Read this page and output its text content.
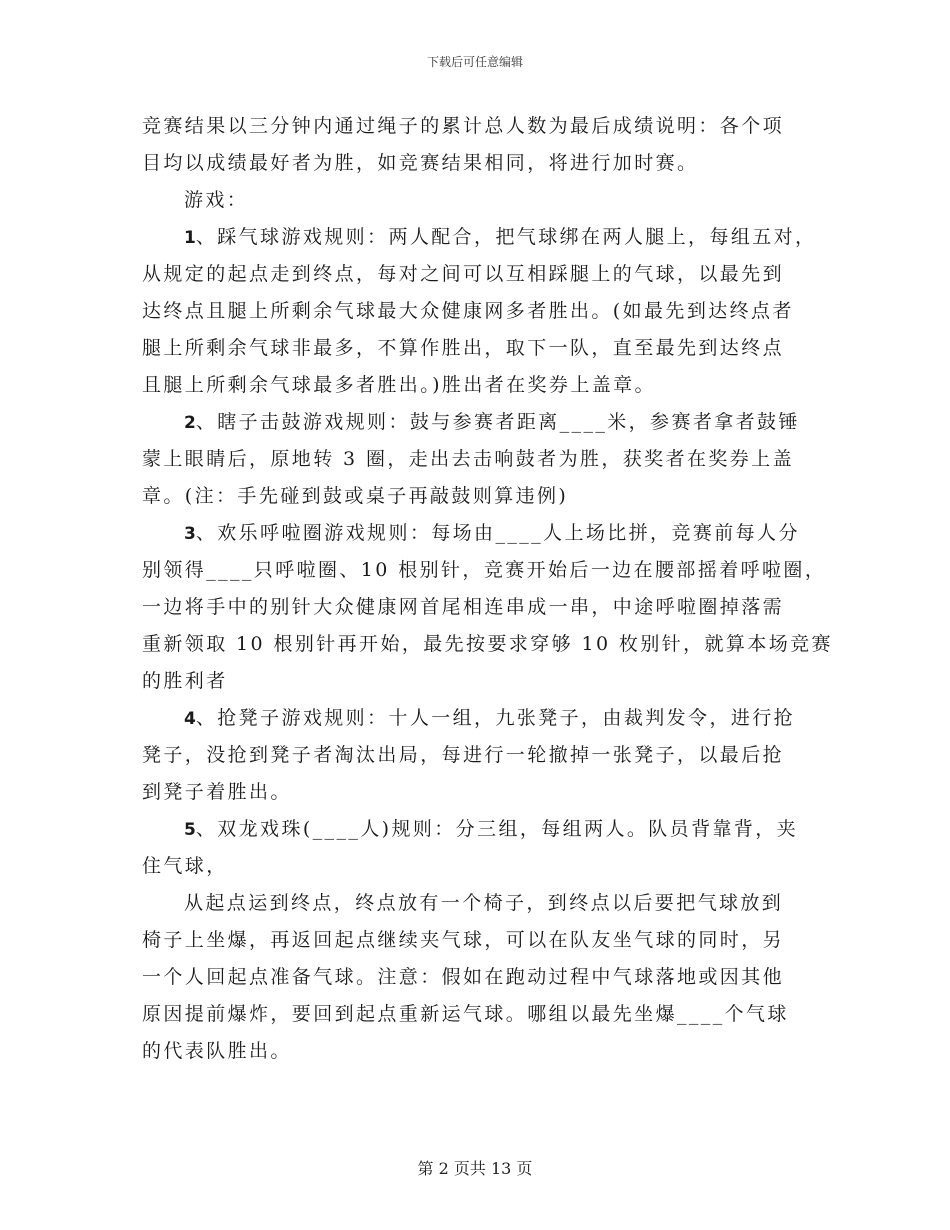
下载后可任意编辑
竞赛结果以三分钟内通过绳子的累计总人数为最后成绩说明：各个项
目均以成绩最好者为胜，如竞赛结果相同，将进行加时赛。
游戏：
1、踩气球游戏规则：两人配合，把气球绑在两人腿上，每组五对，
从规定的起点走到终点，每对之间可以互相踩腿上的气球，以最先到
达终点且腿上所剩余气球最大众健康网多者胜出。(如最先到达终点者
腿上所剩余气球非最多，不算作胜出，取下一队，直至最先到达终点
且腿上所剩余气球最多者胜出。)胜出者在奖券上盖章。
2、瞎子击鼓游戏规则：鼓与参赛者距离____米，参赛者拿者鼓锤
蒙上眼睛后，原地转 3 圈，走出去击响鼓者为胜，获奖者在奖券上盖
章。(注：手先碰到鼓或桌子再敲鼓则算违例)
3、欢乐呼啦圈游戏规则：每场由____人上场比拼，竞赛前每人分
别领得____只呼啦圈、10 根别针，竞赛开始后一边在腰部摇着呼啦圈，
一边将手中的别针大众健康网首尾相连串成一串，中途呼啦圈掉落需
重新领取 10 根别针再开始，最先按要求穿够 10 枚别针，就算本场竞赛
的胜利者
4、抢凳子游戏规则：十人一组，九张凳子，由裁判发令，进行抢
凳子，没抢到凳子者淘汰出局，每进行一轮撤掉一张凳子，以最后抢
到凳子着胜出。
5、双龙戏珠(____人)规则：分三组，每组两人。队员背靠背，夹
住气球，
从起点运到终点，终点放有一个椅子，到终点以后要把气球放到
椅子上坐爆，再返回起点继续夹气球，可以在队友坐气球的同时，另
一个人回起点准备气球。注意：假如在跑动过程中气球落地或因其他
原因提前爆炸，要回到起点重新运气球。哪组以最先坐爆____个气球
的代表队胜出。
第 2 页共 13 页
